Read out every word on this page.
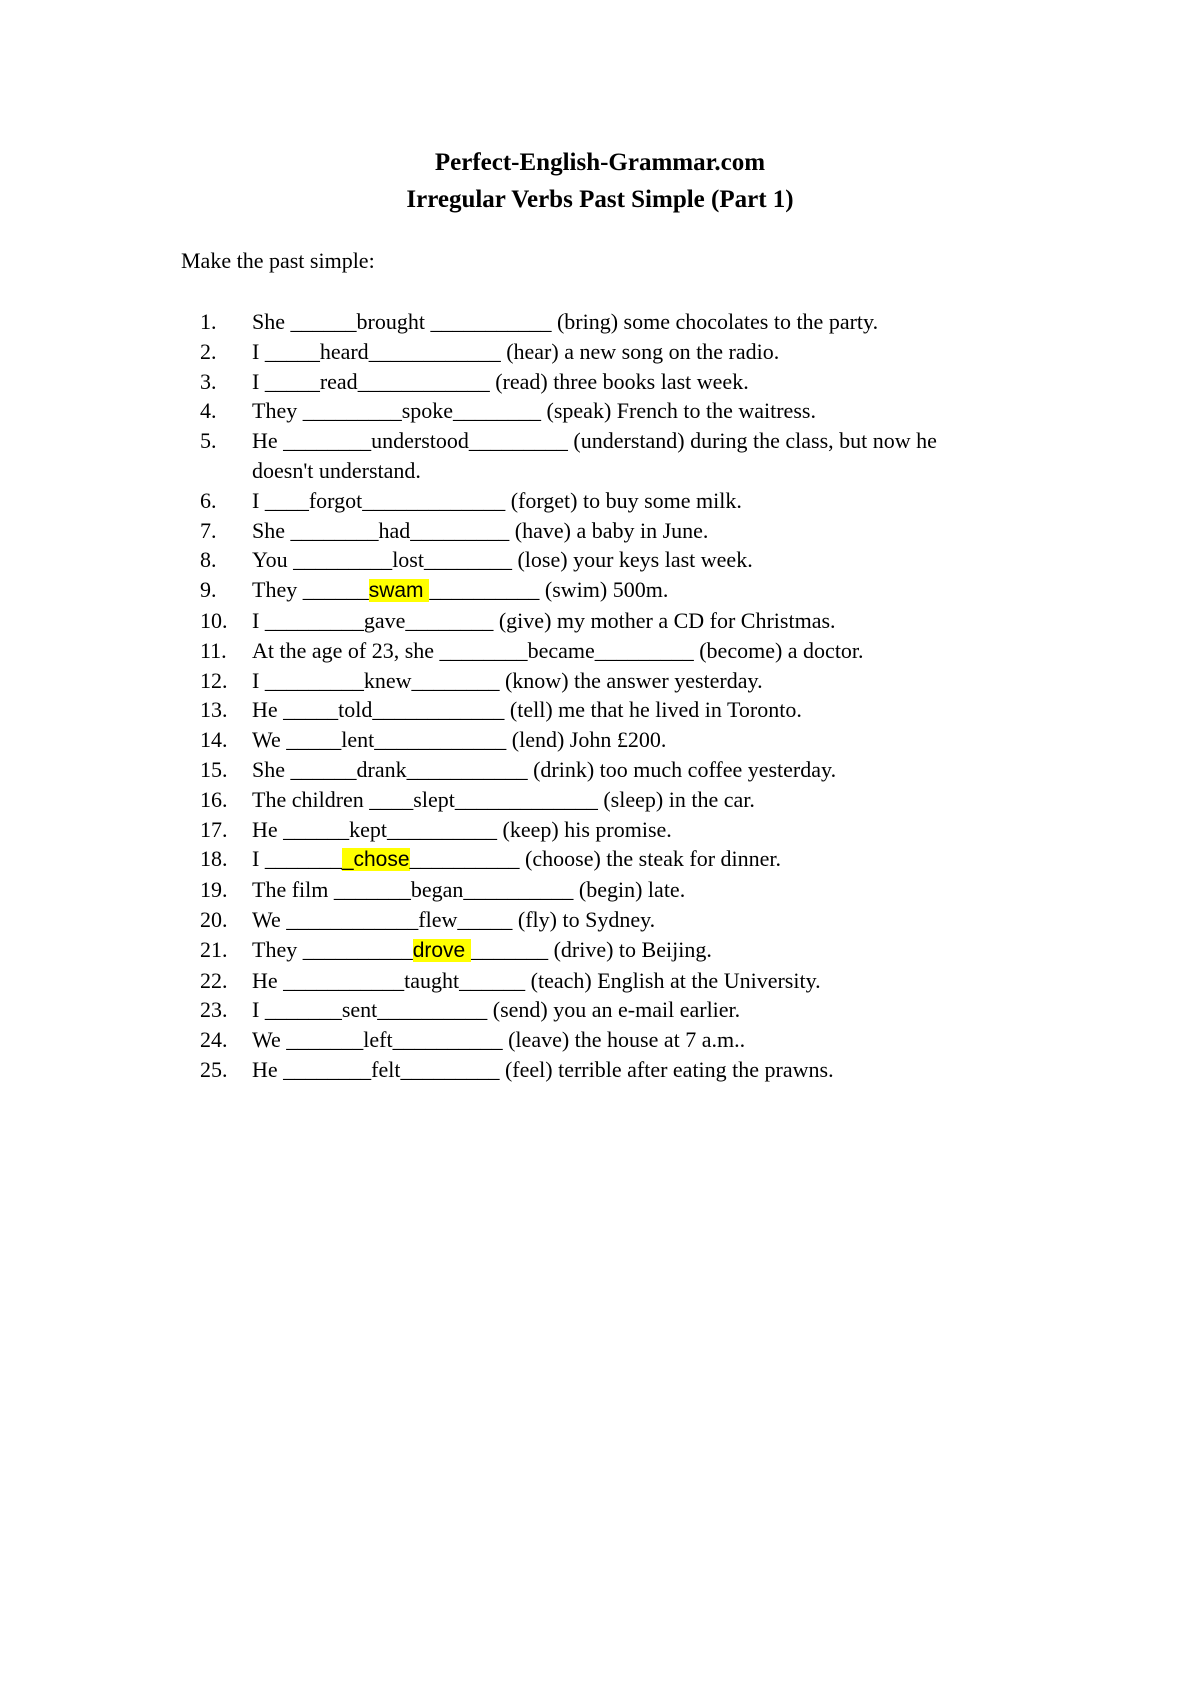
Perfect-English-Grammar.com
Irregular Verbs Past Simple (Part 1)
Make the past simple:
1.	She ______brought ___________ (bring) some chocolates to the party.
2.	I _____heard____________ (hear) a new song on the radio.
3.	I _____read____________ (read) three books last week.
4.	They _________spoke________ (speak) French to the waitress.
5.	He ________understood_________ (understand) during the class, but now he doesn't understand.
6.	I ____forgot_____________ (forget) to buy some milk.
7.	She ________had_________ (have) a baby in June.
8.	You _________lost________ (lose) your keys last week.
9.	They ______swam __________ (swim) 500m.
10.	I _________gave________ (give) my mother a CD for Christmas.
11.	At the age of 23, she ________became_________ (become) a doctor.
12.	I _________knew________ (know) the answer yesterday.
13.	He _____told____________ (tell) me that he lived in Toronto.
14.	We _____lent____________ (lend) John £200.
15.	She ______drank___________ (drink) too much coffee yesterday.
16.	The children ____slept_____________ (sleep) in the car.
17.	He ______kept__________ (keep) his promise.
18.	I ________chose__________ (choose) the steak for dinner.
19.	The film _______began__________ (begin) late.
20.	We ____________flew_____ (fly) to Sydney.
21.	They __________drove _______ (drive) to Beijing.
22.	He ___________taught______ (teach) English at the University.
23.	I _______sent__________ (send) you an e-mail earlier.
24.	We _______left__________ (leave) the house at 7 a.m..
25.	He ________felt_________ (feel) terrible after eating the prawns.
